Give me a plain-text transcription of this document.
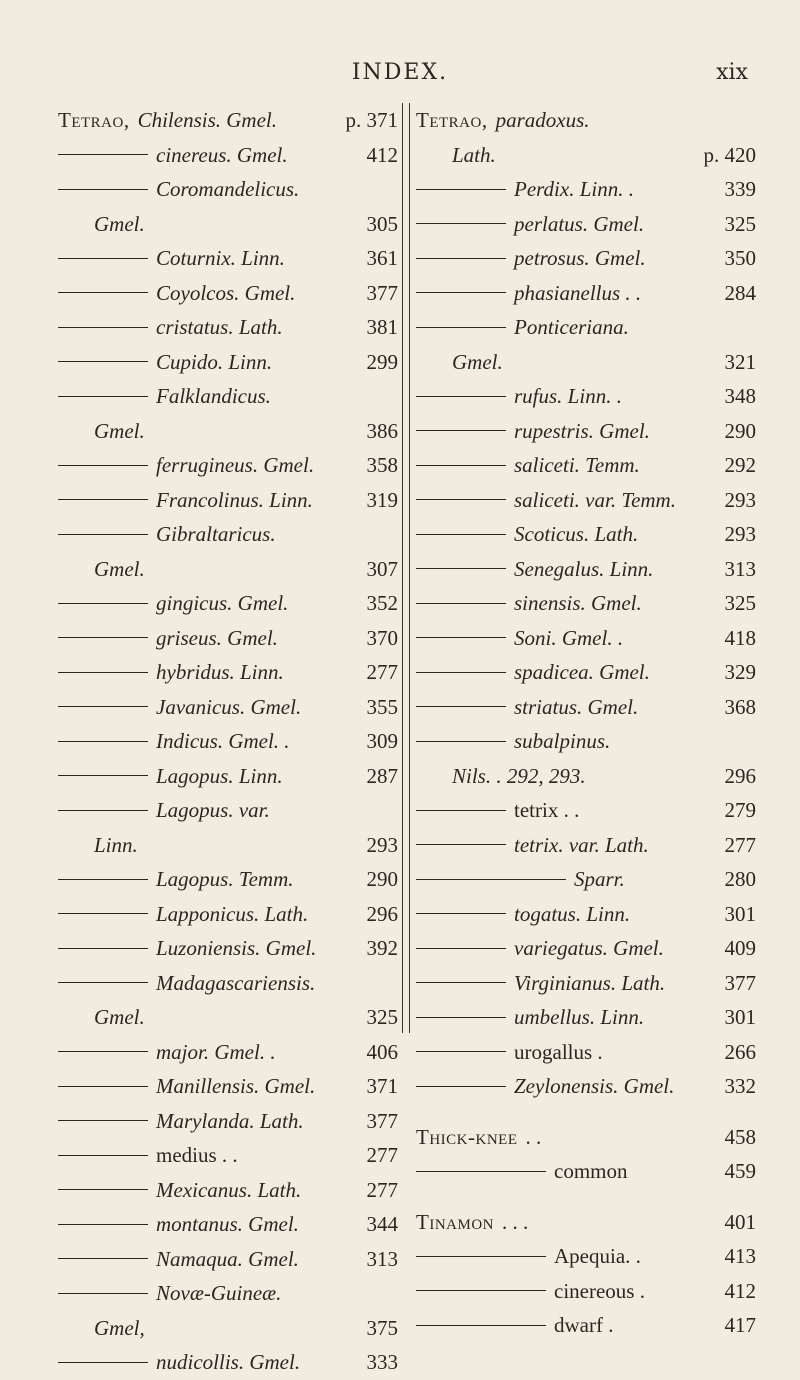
INDEX.	xix
Tetrao, Chilensis. Gmel.	p. 371
cinereus. Gmel.	412
Coromandelicus.
Gmel.	305
Coturnix. Linn.	361
Coyolcos. Gmel.	377
cristatus. Lath.	381
Cupido. Linn.	299
Falklandicus.
Gmel.	386
ferrugineus. Gmel.	358
Francolinus. Linn.	319
Gibraltaricus.
Gmel.	307
gingicus. Gmel.	352
griseus. Gmel.	370
hybridus. Linn.	277
Javanicus. Gmel.	355
Indicus. Gmel. .	309
Lagopus. Linn.	287
Lagopus. var.
Linn.	293
Lagopus. Temm.	290
Lapponicus. Lath.	296
Luzoniensis. Gmel.	392
Madagascariensis.
Gmel.	325
major. Gmel. .	406
Manillensis. Gmel.	371
Marylanda. Lath.	377
medius . .	277
Mexicanus. Lath.	277
montanus. Gmel.	344
Namaqua. Gmel.	313
Novæ-Guineæ.
Gmel,	375
nudicollis. Gmel.	333
Tetrao, paradoxus.
Lath.	p. 420
Perdix. Linn. .	339
perlatus. Gmel.	325
petrosus. Gmel.	350
phasianellus . .	284
Ponticeriana.
Gmel.	321
rufus. Linn. .	348
rupestris. Gmel.	290
saliceti. Temm.	292
saliceti. var. Temm.	293
Scoticus. Lath.	293
Senegalus. Linn.	313
sinensis. Gmel.	325
Soni. Gmel. .	418
spadicea. Gmel.	329
striatus. Gmel.	368
subalpinus.
Nils. . 292, 293.	296
tetrix . .	279
tetrix. var. Lath.	277
Sparr.	280
togatus. Linn.	301
variegatus. Gmel.	409
Virginianus. Lath.	377
umbellus. Linn.	301
urogallus .	266
Zeylonensis. Gmel.	332
Thick-knee . .	458
common	459
Tinamon . . .	401
Apequia. .	413
cinereous .	412
dwarf .	417
